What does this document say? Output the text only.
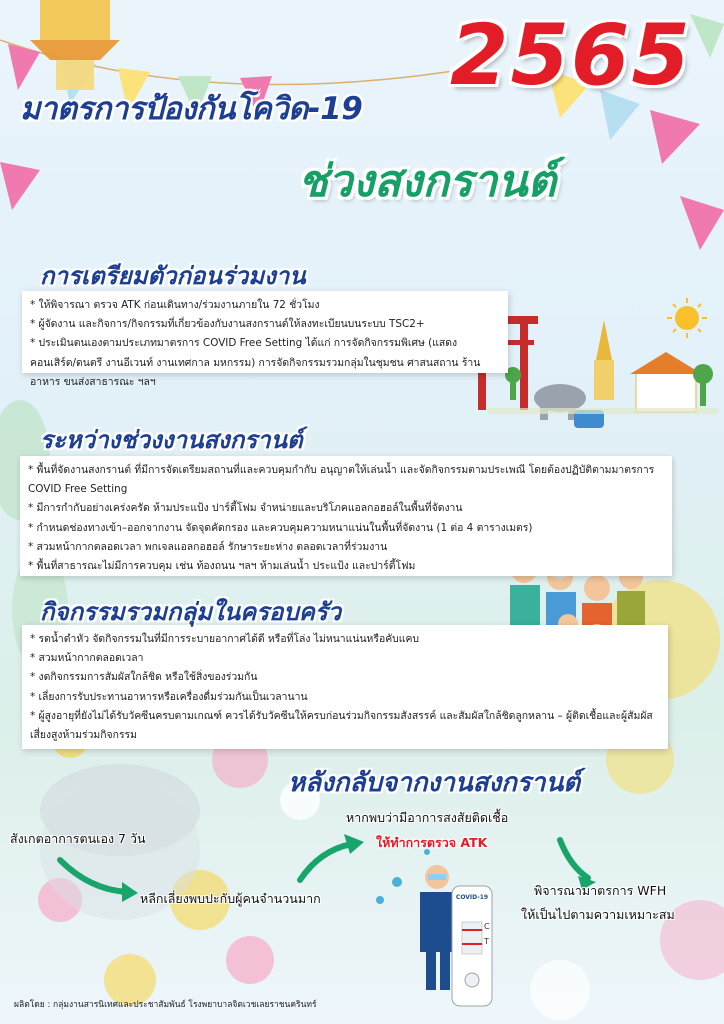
มาตรการป้องกันโควิด-19
2565
ช่วงสงกรานต์
การเตรียมตัวก่อนร่วมงาน
* ให้พิจารณา ตรวจ ATK ก่อนเดินทาง/ร่วมงานภายใน 72 ชั่วโมง
* ผู้จัดงาน และกิจการ/กิจกรรมที่เกี่ยวข้องกับงานสงกรานต์ให้ลงทะเบียนบนระบบ TSC2+
* ประเมินตนเองตามประเภทมาตรการ COVID Free Setting ได้แก่ การจัดกิจกรรมพิเศษ (แสดงคอนเสิร์ต/ดนตรี งานอีเวนท์ งานเทศกาล มหกรรม) การจัดกิจกรรมรวมกลุ่มในชุมชน ศาสนสถาน ร้านอาหาร ขนส่งสาธารณะ ฯลฯ
ระหว่างช่วงงานสงกรานต์
* พื้นที่จัดงานสงกรานต์ ที่มีการจัดเตรียมสถานที่และควบคุมกำกับ อนุญาตให้เล่นน้ำ และจัดกิจกรรมตามประเพณี โดยต้องปฏิบัติตามมาตรการ COVID Free Setting
* มีการกำกับอย่างเคร่งครัด ห้ามประแป้ง ปาร์ตี้โฟม จำหน่ายและบริโภคแอลกอฮอล์ในพื้นที่จัดงาน
* กำหนดช่องทางเข้า–ออกจากงาน จัดจุดคัดกรอง และควบคุมความหนาแน่นในพื้นที่จัดงาน (1 ต่อ 4 ตารางเมตร)
* สวมหน้ากากตลอดเวลา พกเจลแอลกอฮอล์ รักษาระยะห่าง ตลอดเวลาที่ร่วมงาน
* พื้นที่สาธารณะไม่มีการควบคุม เช่น ท้องถนน ฯลฯ ห้ามเล่นน้ำ ประแป้ง และปาร์ตี้โฟม
กิจกรรมรวมกลุ่มในครอบครัว
* รดน้ำดำหัว จัดกิจกรรมในที่มีการระบายอากาศได้ดี หรือที่โล่ง ไม่หนาแน่นหรือคับแคบ
* สวมหน้ากากตลอดเวลา
* งดกิจกรรมการสัมผัสใกล้ชิด หรือใช้สิ่งของร่วมกัน
* เลี่ยงการรับประทานอาหารหรือเครื่องดื่มร่วมกันเป็นเวลานาน
* ผู้สูงอายุที่ยังไม่ได้รับวัคซีนครบตามเกณฑ์ ควรได้รับวัคซีนให้ครบก่อนร่วมกิจกรรมสังสรรค์ และสัมผัสใกล้ชิดลูกหลาน – ผู้ติดเชื้อและผู้สัมผัสเสี่ยงสูงห้ามร่วมกิจกรรม
หลังกลับจากงานสงกรานต์

สังเกตอาการตนเอง 7 วัน

หลีกเลี่ยงพบปะกับผู้คนจำนวนมาก

หากพบว่ามีอาการสงสัยติดเชื้อ

ให้ทำการตรวจ ATK

พิจารณามาตรการ WFH

ให้เป็นไปตามความเหมาะสม

COVID-19
C
T

ผลิตโดย : กลุ่มงานสารนิเทศและประชาสัมพันธ์ โรงพยาบาลจิตเวชเลยราชนครินทร์
